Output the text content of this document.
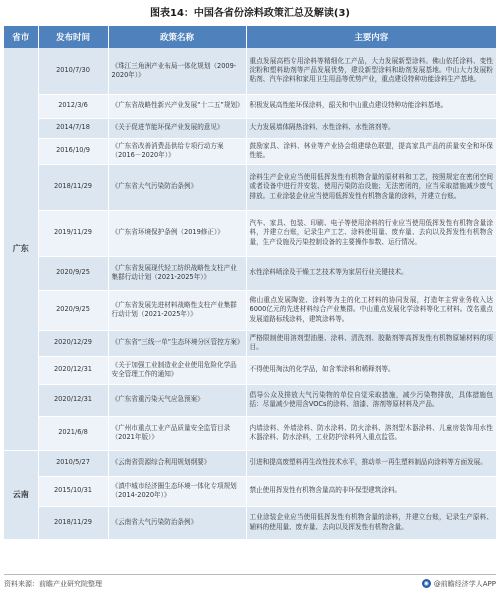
图表14：中国各省份涂料政策汇总及解读(3)
省市	发布时间	政策名称	主要内容
广东	2010/7/30	《珠江三角洲产业布局一体化规划（2009-2020年）》	重点发展高档专用涂料等精细化工产品，大力发展新型涂料。佛山依托涂料、变性淀粉和塑料助剂等产品发展优势，建设新型涂料和助剂发展基地。中山大力发展粉粘剂、汽车涂料和家用卫生用品等优势产业，重点建设特种功能涂料生产基地。
	2012/3/6	《广东省战略性新兴产业发展“十二五”规划》	积极发展高性能环保涂料，韶关和中山重点建设特种功能涂料基地。
	2014/7/18	《关于促进节能环保产业发展的意见》	大力发展墙体隔热涂料、水性涂料、水性溶剂等。
	2016/10/9	《广东省改善消费品供给专项行动方案（2016－2020年）》	鼓励家具、涂料、林业等产业协会组建绿色联盟，提高家具产品的质量安全和环保性能。
	2018/11/29	《广东省大气污染防治条例》	涂料生产企业应当使用低挥发性有机物含量的原材料和工艺，按照规定在密闭空间或者设备中进行并安装、使用污染防治设施；无法密闭的，应当采取措施减少废气排放。工业涂装企业应当使用低挥发性有机物含量的涂料，并建立台账。
	2019/11/29	《广东省环境保护条例（2019修正）》	汽车、家具、包装、印刷、电子等使用涂料的行业应当使用低挥发性有机物含量涂料，并建立台账，记录生产工艺、涂料使用量、废弃量、去向以及挥发性有机物含量，生产设施及污染控制设备的主要操作参数、运行情况。
	2020/9/25	《广东省发展现代轻工纺织战略性支柱产业集群行动计划（2021-2025年）》	水性涂料喷涂及干燥工艺技术等为家居行业关键技术。
	2020/9/25	《广东省发展先进材料战略性支柱产业集群行动计划（2021-2025年）》	佛山重点发展陶瓷、涂料等为主的化工材料的协同发展，打造年主营业务收入达6000亿元的先进材料综合产业集群。中山重点发展化学涂料等化工材料。茂名重点发展道路标线涂料，建筑涂料等。
	2020/12/29	《广东省“三线一单”生态环境分区管控方案》	严格限制使用溶剂型油墨、涂料、清洗剂、胶黏剂等高挥发性有机物原辅材料的项目。
	2020/12/31	《关于加强工业制造业企业使用危险化学品安全管理工作的通知》	不得使用淘汰的化学品，如含苯涂料和稀释剂等。
	2020/12/31	《广东省重污染天气应急预案》	倡导公众及排放大气污染物的单位自觉采取措施，减少污染物排放，具体措施包括：尽量减少使用含VOCs的涂料、油漆、溶剂等原材料及产品。
	2021/6/8	《广州市重点工业产品质量安全监管目录（2021年版）》	内墙涂料、外墙涂料、防水涂料、防火涂料、溶剂型木器涂料、儿童房装饰用水性木器涂料、防水涂料，工业防护涂料列入重点监管。
云南	2010/5/27	《云南省资源综合利用规划纲要》	引进和提高废塑料再生改性技术水平，推动单一再生塑料制品向涂料等方面发展。
	2015/10/31	《滇中城市经济圈生态环境一体化专项规划（2014-2020年）》	禁止使用挥发性有机物含量高的非环保型建筑涂料。
	2018/11/29	《云南省大气污染防治条例》	工业涂装企业应当使用低挥发性有机物含量的涂料，并建立台账，记录生产原料、辅料的使用量、废弃量、去向以及挥发性有机物含量。
资料来源：前瞻产业研究院整理	◉ @前瞻经济学人APP
